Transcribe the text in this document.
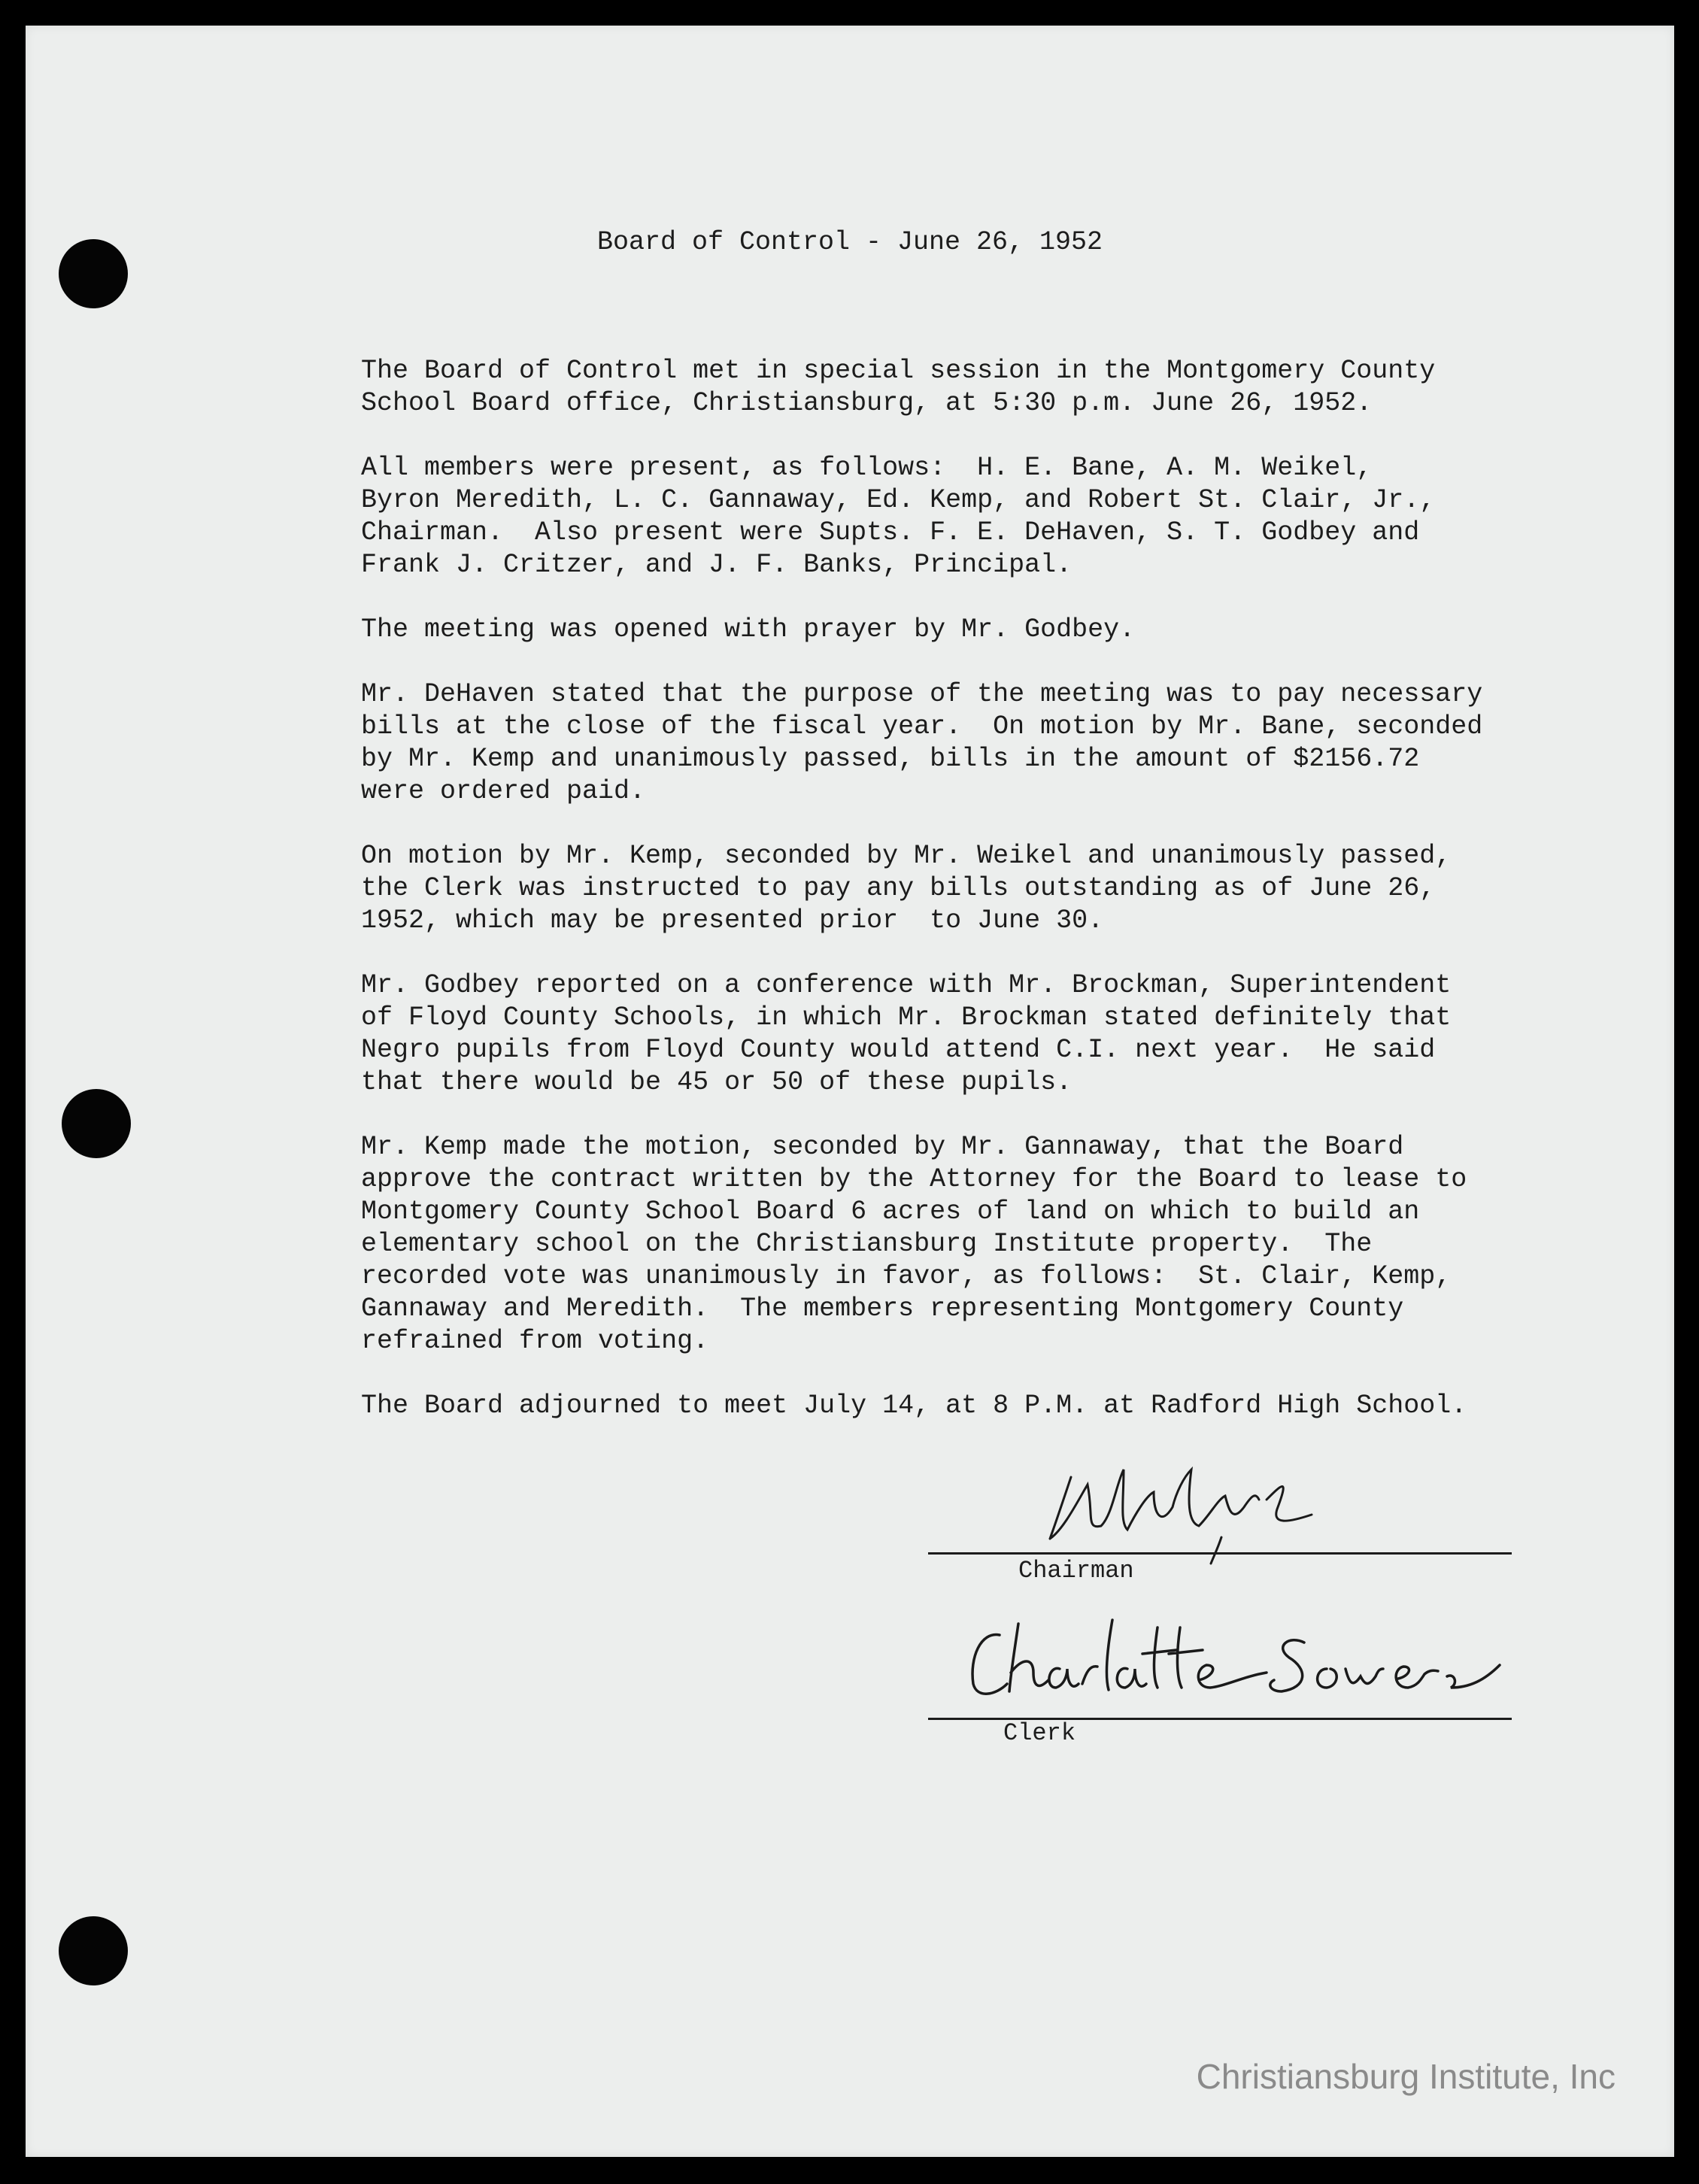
Board of Control - June 26, 1952

The Board of Control met in special session in the Montgomery County
School Board office, Christiansburg, at 5:30 p.m. June 26, 1952.

All members were present, as follows:  H. E. Bane, A. M. Weikel,
Byron Meredith, L. C. Gannaway, Ed. Kemp, and Robert St. Clair, Jr.,
Chairman.  Also present were Supts. F. E. DeHaven, S. T. Godbey and
Frank J. Critzer, and J. F. Banks, Principal.

The meeting was opened with prayer by Mr. Godbey.

Mr. DeHaven stated that the purpose of the meeting was to pay necessary
bills at the close of the fiscal year.  On motion by Mr. Bane, seconded
by Mr. Kemp and unanimously passed, bills in the amount of $2156.72
were ordered paid.

On motion by Mr. Kemp, seconded by Mr. Weikel and unanimously passed,
the Clerk was instructed to pay any bills outstanding as of June 26,
1952, which may be presented prior  to June 30.

Mr. Godbey reported on a conference with Mr. Brockman, Superintendent
of Floyd County Schools, in which Mr. Brockman stated definitely that
Negro pupils from Floyd County would attend C.I. next year.  He said
that there would be 45 or 50 of these pupils.

Mr. Kemp made the motion, seconded by Mr. Gannaway, that the Board
approve the contract written by the Attorney for the Board to lease to
Montgomery County School Board 6 acres of land on which to build an
elementary school on the Christiansburg Institute property.  The
recorded vote was unanimously in favor, as follows:  St. Clair, Kemp,
Gannaway and Meredith.  The members representing Montgomery County
refrained from voting.

The Board adjourned to meet July 14, at 8 P.M. at Radford High School.

Chairman
Clerk
Christiansburg Institute, Inc
